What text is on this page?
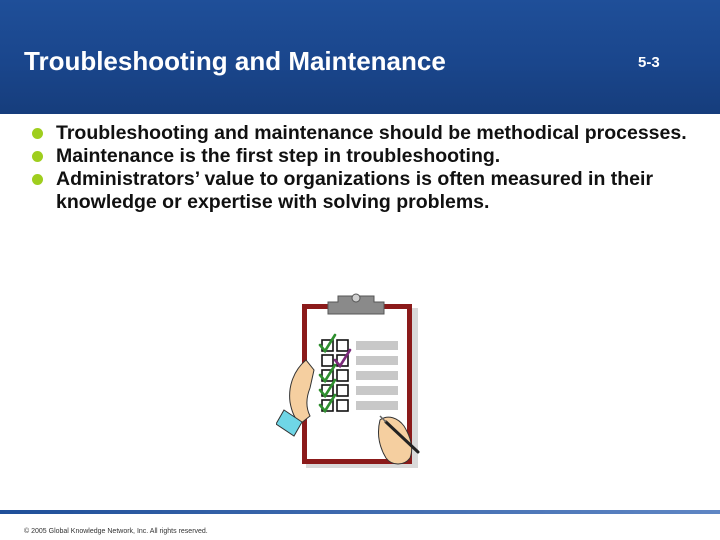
Troubleshooting and Maintenance	5-3
Troubleshooting and maintenance should be methodical processes.
Maintenance is the first step in troubleshooting.
Administrators’ value to organizations is often measured in their knowledge or expertise with solving problems.
© 2005 Global Knowledge Network, Inc. All rights reserved.
